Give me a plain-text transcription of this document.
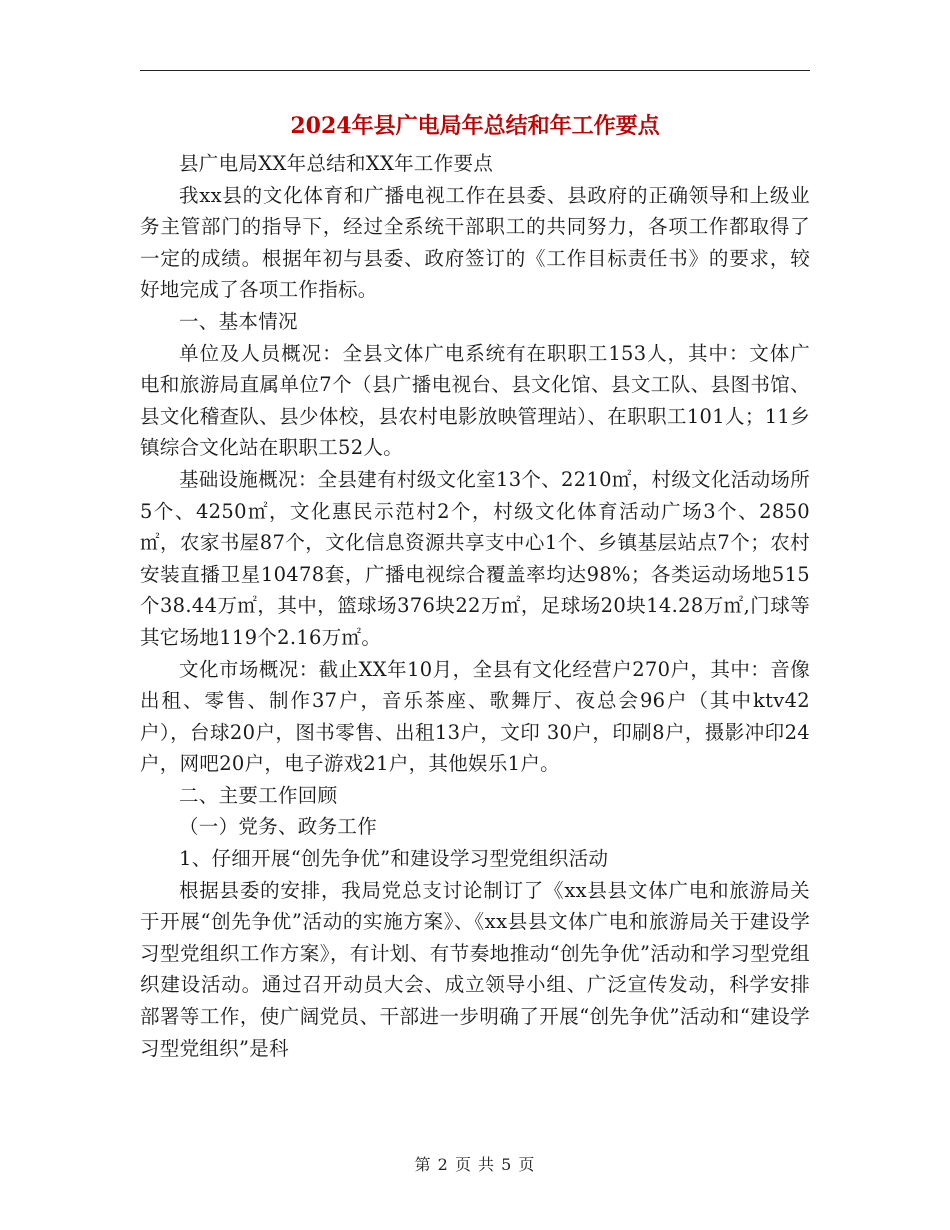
2024年县广电局年总结和年工作要点

县广电局XX年总结和XX年工作要点

我xx县的文化体育和广播电视工作在县委、县政府的正确领导和上级业务主管部门的指导下，经过全系统干部职工的共同努力，各项工作都取得了一定的成绩。根据年初与县委、政府签订的《工作目标责任书》的要求，较好地完成了各项工作指标。

一、基本情况

单位及人员概况：全县文体广电系统有在职职工153人，其中：文体广电和旅游局直属单位7个（县广播电视台、县文化馆、县文工队、县图书馆、县文化稽查队、县少体校，县农村电影放映管理站）、在职职工101人；11乡镇综合文化站在职职工52人。

基础设施概况：全县建有村级文化室13个、2210㎡，村级文化活动场所5个、4250㎡，文化惠民示范村2个，村级文化体育活动广场3个、2850㎡，农家书屋87个，文化信息资源共享支中心1个、乡镇基层站点7个；农村安装直播卫星10478套，广播电视综合覆盖率均达98%；各类运动场地515个38.44万㎡，其中，篮球场376块22万㎡，足球场20块14.28万㎡,门球等其它场地119个2.16万㎡。

文化市场概况：截止XX年10月，全县有文化经营户270户，其中：音像出租、零售、制作37户，音乐茶座、歌舞厅、夜总会96户（其中ktv42户），台球20户，图书零售、出租13户，文印 30户，印刷8户，摄影冲印24户，网吧20户，电子游戏21户，其他娱乐1户。

二、主要工作回顾

（一）党务、政务工作

1、仔细开展“创先争优”和建设学习型党组织活动

根据县委的安排，我局党总支讨论制订了《xx县县文体广电和旅游局关于开展“创先争优”活动的实施方案》、《xx县县文体广电和旅游局关于建设学习型党组织工作方案》，有计划、有节奏地推动“创先争优”活动和学习型党组织建设活动。通过召开动员大会、成立领导小组、广泛宣传发动，科学安排部署等工作，使广阔党员、干部进一步明确了开展“创先争优”活动和“建设学习型党组织”是科

第 2 页 共 5 页
